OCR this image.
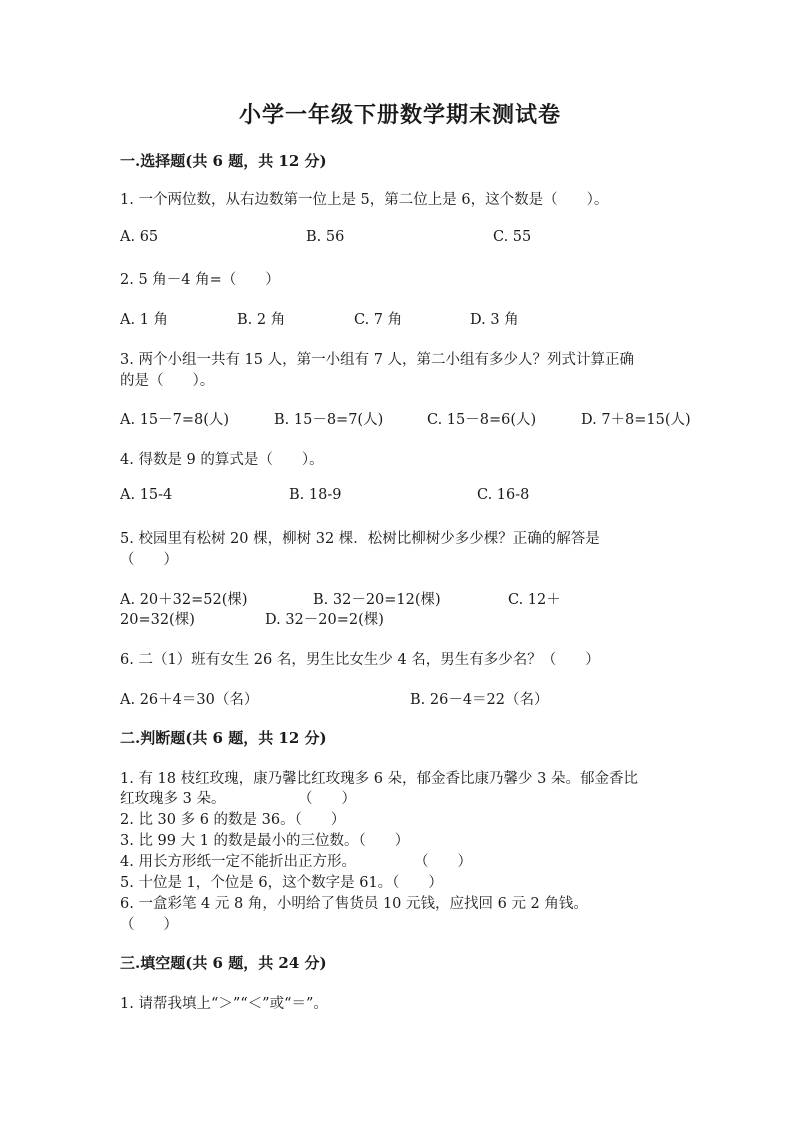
小学一年级下册数学期末测试卷
一.选择题(共 6 题，共 12 分)
1. 一个两位数，从右边数第一位上是 5，第二位上是 6，这个数是（　　）。
A. 65	B. 56	C. 55
2. 5 角－4 角=（　　）
A. 1 角	B. 2 角	C. 7 角	D. 3 角
3. 两个小组一共有 15 人，第一小组有 7 人，第二小组有多少人？列式计算正确
的是（　　）。
A. 15－7=8(人)	B. 15－8=7(人)	C. 15－8=6(人)	D. 7＋8=15(人)
4. 得数是 9 的算式是（　　）。
A. 15-4	B. 18-9	C. 16-8
5. 校园里有松树 20 棵，柳树 32 棵．松树比柳树少多少棵？正确的解答是
（　　）
A. 20＋32=52(棵)	B. 32－20=12(棵)	C. 12＋
20=32(棵)	D. 32－20=2(棵)
6. 二（1）班有女生 26 名，男生比女生少 4 名，男生有多少名？（　　）
A. 26＋4＝30（名）	B. 26－4＝22（名）
二.判断题(共 6 题，共 12 分)
1. 有 18 枝红玫瑰，康乃馨比红玫瑰多 6 朵，郁金香比康乃馨少 3 朵。郁金香比
红玫瑰多 3 朵。　　　　　　（　　）
2. 比 30 多 6 的数是 36。（　　）
3. 比 99 大 1 的数是最小的三位数。（　　）
4. 用长方形纸一定不能折出正方形。　　　　　（　　）
5. 十位是 1，个位是 6，这个数字是 61。（　　）
6. 一盒彩笔 4 元 8 角，小明给了售货员 10 元钱，应找回 6 元 2 角钱。
（　　）
三.填空题(共 6 题，共 24 分)
1. 请帮我填上“＞”“＜”或“＝”。
